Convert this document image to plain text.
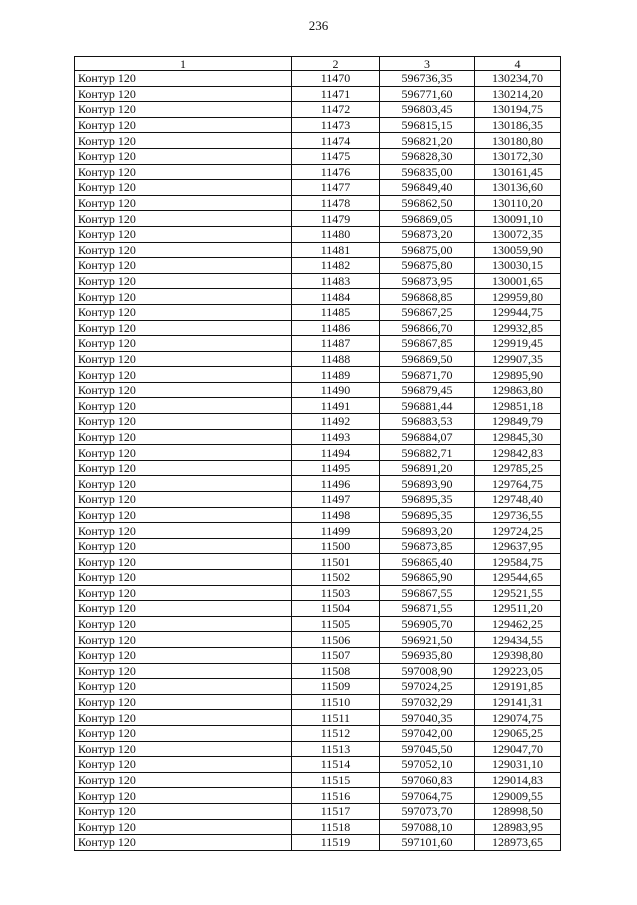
236
1	2	3	4
Контур 120	11470	596736,35	130234,70
Контур 120	11471	596771,60	130214,20
Контур 120	11472	596803,45	130194,75
Контур 120	11473	596815,15	130186,35
Контур 120	11474	596821,20	130180,80
Контур 120	11475	596828,30	130172,30
Контур 120	11476	596835,00	130161,45
Контур 120	11477	596849,40	130136,60
Контур 120	11478	596862,50	130110,20
Контур 120	11479	596869,05	130091,10
Контур 120	11480	596873,20	130072,35
Контур 120	11481	596875,00	130059,90
Контур 120	11482	596875,80	130030,15
Контур 120	11483	596873,95	130001,65
Контур 120	11484	596868,85	129959,80
Контур 120	11485	596867,25	129944,75
Контур 120	11486	596866,70	129932,85
Контур 120	11487	596867,85	129919,45
Контур 120	11488	596869,50	129907,35
Контур 120	11489	596871,70	129895,90
Контур 120	11490	596879,45	129863,80
Контур 120	11491	596881,44	129851,18
Контур 120	11492	596883,53	129849,79
Контур 120	11493	596884,07	129845,30
Контур 120	11494	596882,71	129842,83
Контур 120	11495	596891,20	129785,25
Контур 120	11496	596893,90	129764,75
Контур 120	11497	596895,35	129748,40
Контур 120	11498	596895,35	129736,55
Контур 120	11499	596893,20	129724,25
Контур 120	11500	596873,85	129637,95
Контур 120	11501	596865,40	129584,75
Контур 120	11502	596865,90	129544,65
Контур 120	11503	596867,55	129521,55
Контур 120	11504	596871,55	129511,20
Контур 120	11505	596905,70	129462,25
Контур 120	11506	596921,50	129434,55
Контур 120	11507	596935,80	129398,80
Контур 120	11508	597008,90	129223,05
Контур 120	11509	597024,25	129191,85
Контур 120	11510	597032,29	129141,31
Контур 120	11511	597040,35	129074,75
Контур 120	11512	597042,00	129065,25
Контур 120	11513	597045,50	129047,70
Контур 120	11514	597052,10	129031,10
Контур 120	11515	597060,83	129014,83
Контур 120	11516	597064,75	129009,55
Контур 120	11517	597073,70	128998,50
Контур 120	11518	597088,10	128983,95
Контур 120	11519	597101,60	128973,65
